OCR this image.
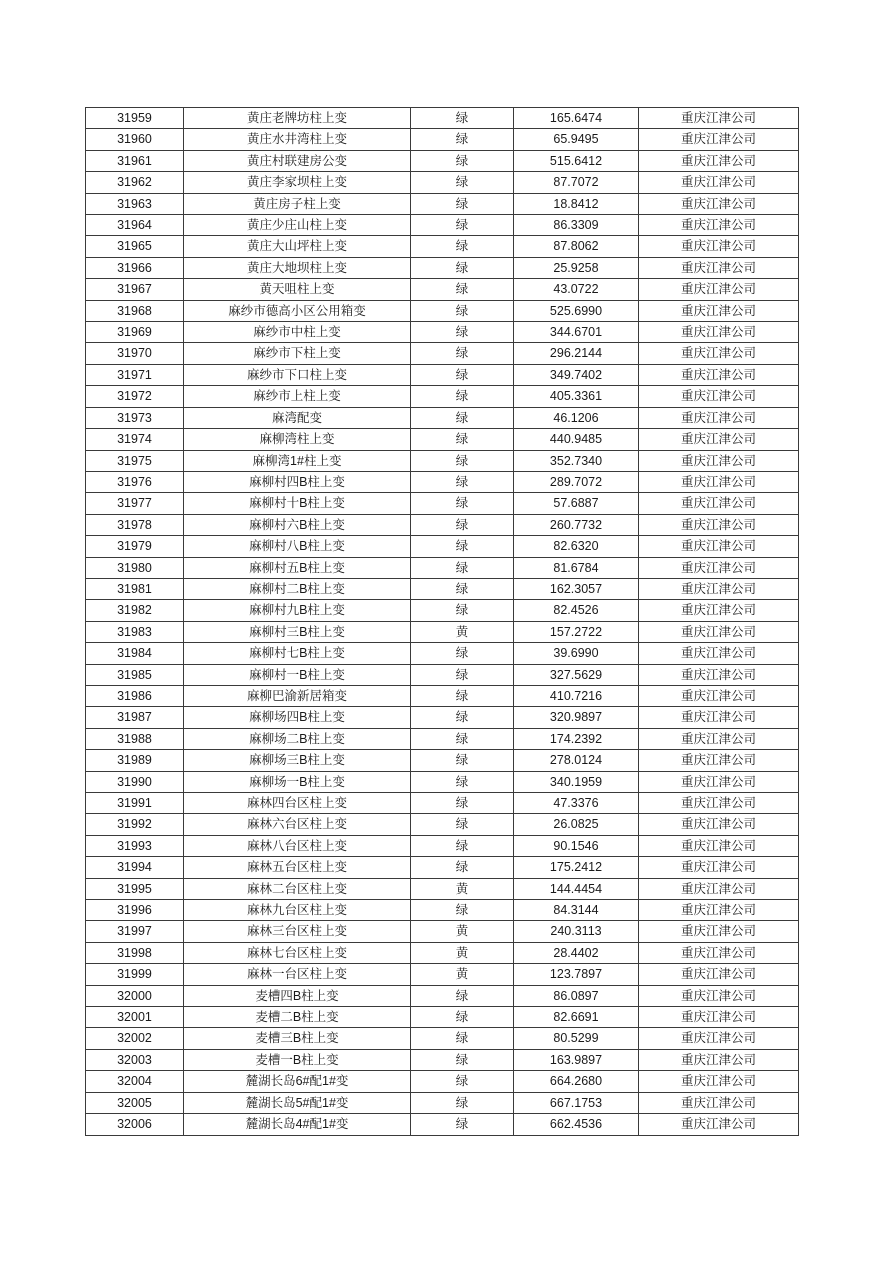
31959	黄庄老牌坊柱上变	绿	165.6474	重庆江津公司
31960	黄庄水井湾柱上变	绿	65.9495	重庆江津公司
31961	黄庄村联建房公变	绿	515.6412	重庆江津公司
31962	黄庄李家坝柱上变	绿	87.7072	重庆江津公司
31963	黄庄房子柱上变	绿	18.8412	重庆江津公司
31964	黄庄少庄山柱上变	绿	86.3309	重庆江津公司
31965	黄庄大山坪柱上变	绿	87.8062	重庆江津公司
31966	黄庄大地坝柱上变	绿	25.9258	重庆江津公司
31967	黄天咀柱上变	绿	43.0722	重庆江津公司
31968	麻纱市德高小区公用箱变	绿	525.6990	重庆江津公司
31969	麻纱市中柱上变	绿	344.6701	重庆江津公司
31970	麻纱市下柱上变	绿	296.2144	重庆江津公司
31971	麻纱市下口柱上变	绿	349.7402	重庆江津公司
31972	麻纱市上柱上变	绿	405.3361	重庆江津公司
31973	麻湾配变	绿	46.1206	重庆江津公司
31974	麻柳湾柱上变	绿	440.9485	重庆江津公司
31975	麻柳湾1#柱上变	绿	352.7340	重庆江津公司
31976	麻柳村四B柱上变	绿	289.7072	重庆江津公司
31977	麻柳村十B柱上变	绿	57.6887	重庆江津公司
31978	麻柳村六B柱上变	绿	260.7732	重庆江津公司
31979	麻柳村八B柱上变	绿	82.6320	重庆江津公司
31980	麻柳村五B柱上变	绿	81.6784	重庆江津公司
31981	麻柳村二B柱上变	绿	162.3057	重庆江津公司
31982	麻柳村九B柱上变	绿	82.4526	重庆江津公司
31983	麻柳村三B柱上变	黄	157.2722	重庆江津公司
31984	麻柳村七B柱上变	绿	39.6990	重庆江津公司
31985	麻柳村一B柱上变	绿	327.5629	重庆江津公司
31986	麻柳巴渝新居箱变	绿	410.7216	重庆江津公司
31987	麻柳场四B柱上变	绿	320.9897	重庆江津公司
31988	麻柳场二B柱上变	绿	174.2392	重庆江津公司
31989	麻柳场三B柱上变	绿	278.0124	重庆江津公司
31990	麻柳场一B柱上变	绿	340.1959	重庆江津公司
31991	麻林四台区柱上变	绿	47.3376	重庆江津公司
31992	麻林六台区柱上变	绿	26.0825	重庆江津公司
31993	麻林八台区柱上变	绿	90.1546	重庆江津公司
31994	麻林五台区柱上变	绿	175.2412	重庆江津公司
31995	麻林二台区柱上变	黄	144.4454	重庆江津公司
31996	麻林九台区柱上变	绿	84.3144	重庆江津公司
31997	麻林三台区柱上变	黄	240.3113	重庆江津公司
31998	麻林七台区柱上变	黄	28.4402	重庆江津公司
31999	麻林一台区柱上变	黄	123.7897	重庆江津公司
32000	麦槽四B柱上变	绿	86.0897	重庆江津公司
32001	麦槽二B柱上变	绿	82.6691	重庆江津公司
32002	麦槽三B柱上变	绿	80.5299	重庆江津公司
32003	麦槽一B柱上变	绿	163.9897	重庆江津公司
32004	麓湖长岛6#配1#变	绿	664.2680	重庆江津公司
32005	麓湖长岛5#配1#变	绿	667.1753	重庆江津公司
32006	麓湖长岛4#配1#变	绿	662.4536	重庆江津公司
